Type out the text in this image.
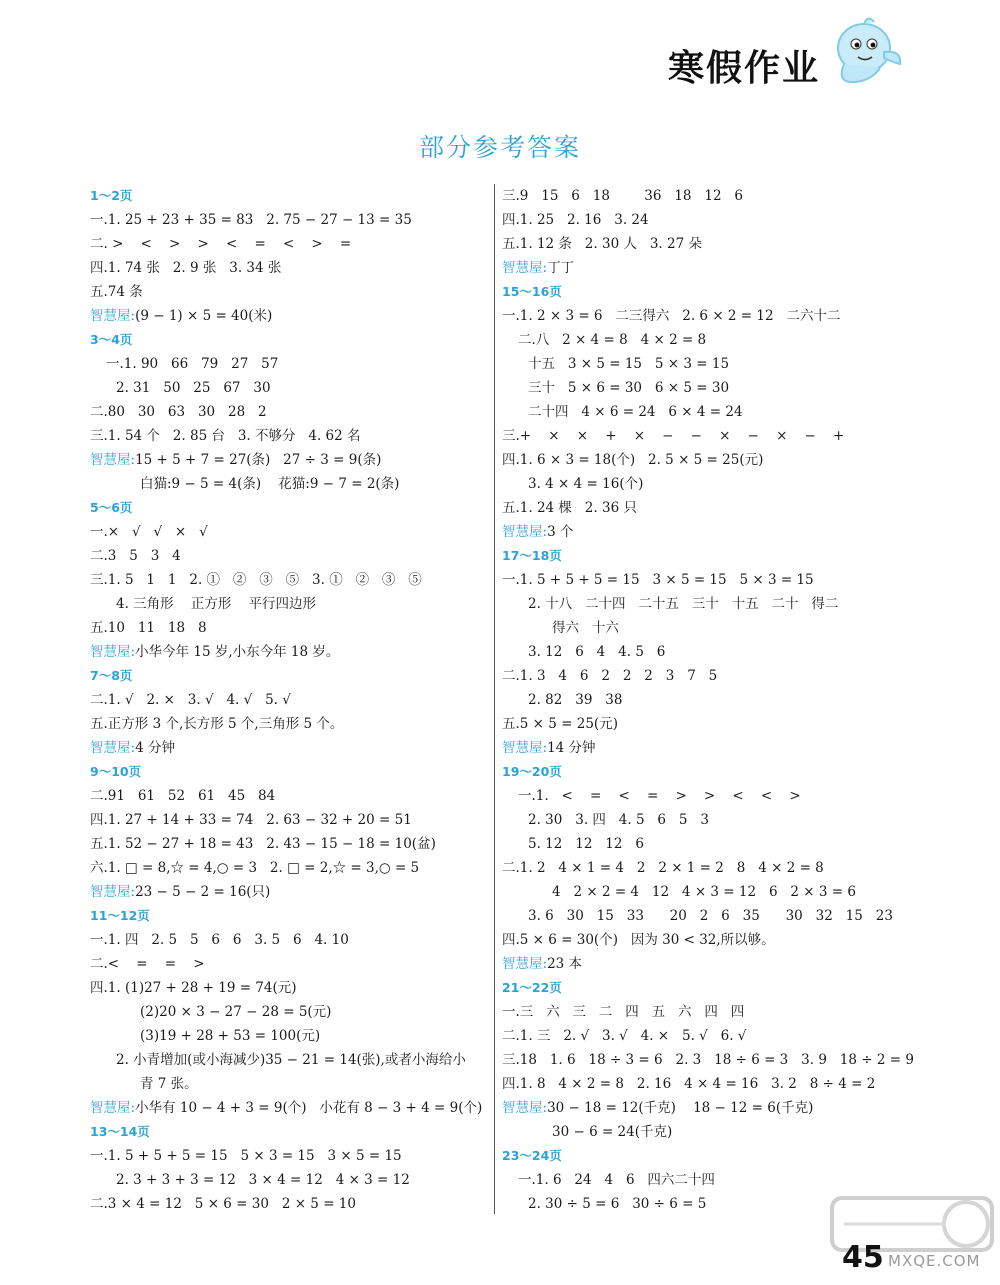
寒假作业
部分参考答案
1～2页
一.1. 25 + 23 + 35 = 83   2. 75 − 27 − 13 = 35
二. >    <    >    >    <    =    <    >    =
四.1. 74 张   2. 9 张   3. 34 张
五.74 条
智慧屋:(9 − 1) × 5 = 40(米)
3～4页
一.1. 90   66   79   27   57
2. 31   50   25   67   30
二.80   30   63   30   28   2
三.1. 54 个   2. 85 台   3. 不够分   4. 62 名
智慧屋:15 + 5 + 7 = 27(条)   27 ÷ 3 = 9(条)
白猫:9 − 5 = 4(条)    花猫:9 − 7 = 2(条)
5～6页
一.×   √   √   ×   √
二.3   5   3   4
三.1. 5   1   1   2. ①   ②   ③   ⑤   3. ①   ②   ③   ⑤
4. 三角形    正方形    平行四边形
五.10   11   18   8
智慧屋:小华今年 15 岁,小东今年 18 岁。
7～8页
二.1. √   2. ×   3. √   4. √   5. √
五.正方形 3 个,长方形 5 个,三角形 5 个。
智慧屋:4 分钟
9～10页
二.91   61   52   61   45   84
四.1. 27 + 14 + 33 = 74   2. 63 − 32 + 20 = 51
五.1. 52 − 27 + 18 = 43   2. 43 − 15 − 18 = 10(盆)
六.1. □ = 8,☆ = 4,○ = 3   2. □ = 2,☆ = 3,○ = 5
智慧屋:23 − 5 − 2 = 16(只)
11～12页
一.1. 四   2. 5   5   6   6   3. 5   6   4. 10
二.<    =    =    >
四.1. (1)27 + 28 + 19 = 74(元)
(2)20 × 3 − 27 − 28 = 5(元)
(3)19 + 28 + 53 = 100(元)
2. 小青增加(或小海减少)35 − 21 = 14(张),或者小海给小
青 7 张。
智慧屋:小华有 10 − 4 + 3 = 9(个)   小花有 8 − 3 + 4 = 9(个)
13～14页
一.1. 5 + 5 + 5 = 15   5 × 3 = 15   3 × 5 = 15
2. 3 + 3 + 3 = 12   3 × 4 = 12   4 × 3 = 12
二.3 × 4 = 12   5 × 6 = 30   2 × 5 = 10
三.9   15   6   18        36   18   12   6
四.1. 25   2. 16   3. 24
五.1. 12 条   2. 30 人   3. 27 朵
智慧屋:丁丁
15～16页
一.1. 2 × 3 = 6   二三得六   2. 6 × 2 = 12   二六十二
二.八   2 × 4 = 8   4 × 2 = 8
十五   3 × 5 = 15   5 × 3 = 15
三十   5 × 6 = 30   6 × 5 = 30
二十四   4 × 6 = 24   6 × 4 = 24
三.+    ×    ×    +    ×    −    −    ×    −    ×    −    +
四.1. 6 × 3 = 18(个)   2. 5 × 5 = 25(元)
3. 4 × 4 = 16(个)
五.1. 24 棵   2. 36 只
智慧屋:3 个
17～18页
一.1. 5 + 5 + 5 = 15   3 × 5 = 15   5 × 3 = 15
2. 十八   二十四   二十五   三十   十五   二十   得二
得六   十六
3. 12   6   4   4. 5   6
二.1. 3   4   6   2   2   2   3   7   5
2. 82   39   38
五.5 × 5 = 25(元)
智慧屋:14 分钟
19～20页
一.1.   <    =    <    =    >    >    <    <    >
2. 30   3. 四   4. 5   6   5   3
5. 12   12   12   6
二.1. 2   4 × 1 = 4   2   2 × 1 = 2   8   4 × 2 = 8
4   2 × 2 = 4   12   4 × 3 = 12   6   2 × 3 = 6
3. 6   30   15   33      20   2   6   35      30   32   15   23
四.5 × 6 = 30(个)   因为 30 < 32,所以够。
智慧屋:23 本
21～22页
一.三   六   三   二   四   五   六   四   四
二.1. 三   2. √   3. √   4. ×   5. √   6. √
三.18   1. 6   18 ÷ 3 = 6   2. 3   18 ÷ 6 = 3   3. 9   18 ÷ 2 = 9
四.1. 8   4 × 2 = 8   2. 16   4 × 4 = 16   3. 2   8 ÷ 4 = 2
智慧屋:30 − 18 = 12(千克)    18 − 12 = 6(千克)
30 − 6 = 24(千克)
23～24页
一.1. 6   24   4   6   四六二十四
2. 30 ÷ 5 = 6   30 ÷ 6 = 5
MXQE.COM
45
